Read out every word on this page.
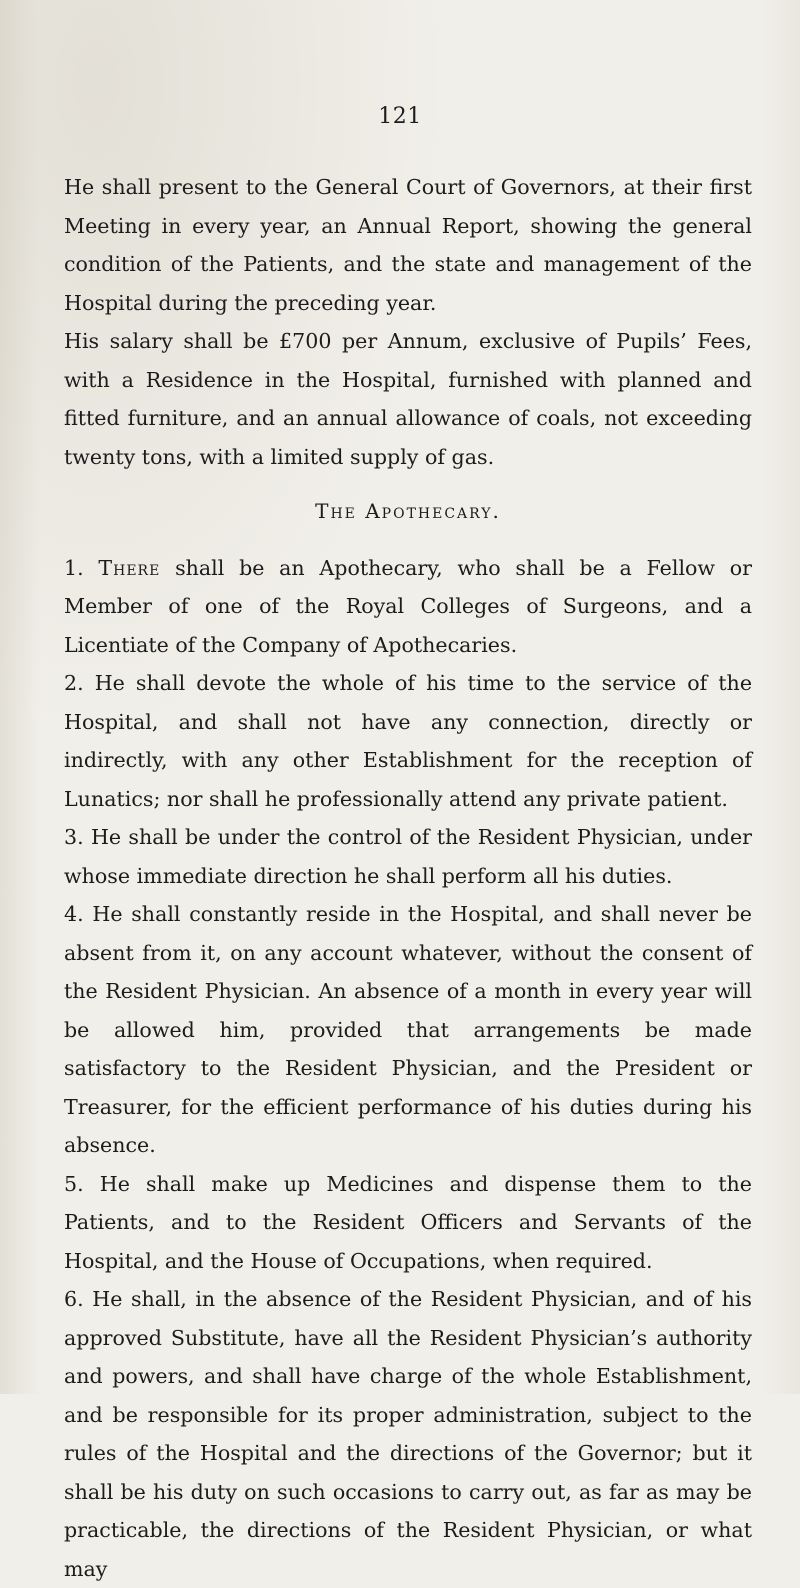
121

He shall present to the General Court of Governors, at their first Meeting in every year, an Annual Report, showing the general condition of the Patients, and the state and management of the Hospital during the preceding year.

His salary shall be £700 per Annum, exclusive of Pupils’ Fees, with a Residence in the Hospital, furnished with planned and fitted furniture, and an annual allowance of coals, not exceeding twenty tons, with a limited supply of gas.

The Apothecary.

1. There shall be an Apothecary, who shall be a Fellow or Member of one of the Royal Colleges of Surgeons, and a Licentiate of the Company of Apothecaries.

2. He shall devote the whole of his time to the service of the Hospital, and shall not have any connection, directly or indirectly, with any other Establishment for the reception of Lunatics; nor shall he professionally attend any private patient.

3. He shall be under the control of the Resident Physician, under whose immediate direction he shall perform all his duties.

4. He shall constantly reside in the Hospital, and shall never be absent from it, on any account whatever, without the consent of the Resident Physician. An absence of a month in every year will be allowed him, provided that arrangements be made satisfactory to the Resident Physician, and the President or Treasurer, for the efficient performance of his duties during his absence.

5. He shall make up Medicines and dispense them to the Patients, and to the Resident Officers and Servants of the Hospital, and the House of Occupations, when required.

6. He shall, in the absence of the Resident Physician, and of his approved Substitute, have all the Resident Physician’s authority and powers, and shall have charge of the whole Establishment, and be responsible for its proper administration, subject to the rules of the Hospital and the directions of the Governor; but it shall be his duty on such occasions to carry out, as far as may be practicable, the directions of the Resident Physician, or what may
